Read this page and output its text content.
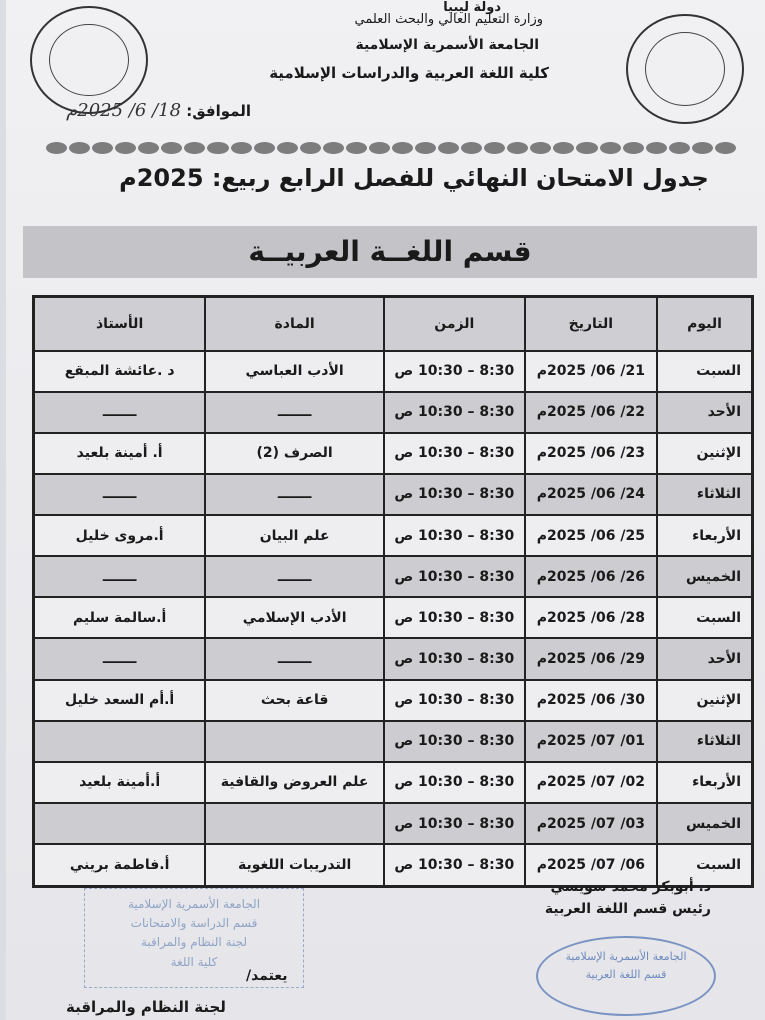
دولة ليبيا
وزارة التعليم العالي والبحث العلمي
الجامعة الأسمرية الإسلامية
كلية اللغة العربية والدراسات الإسلامية
الموافق: 18/ 6/ 2025م
جدول الامتحان النهائي للفصل الرابع ربيع: 2025م
قسم اللغــة العربيــة
اليوم	التاريخ	الزمن	المادة	الأستاذ
السبت	21/ 06/ 2025م	8:30 – 10:30 ص	الأدب العباسي	د .عائشة المبقع
الأحد	22/ 06/ 2025م	8:30 – 10:30 ص	ـــــــ	ـــــــ
الإثنين	23/ 06/ 2025م	8:30 – 10:30 ص	الصرف (2)	أ. أمينة بلعيد
الثلاثاء	24/ 06/ 2025م	8:30 – 10:30 ص	ـــــــ	ـــــــ
الأربعاء	25/ 06/ 2025م	8:30 – 10:30 ص	علم البيان	أ.مروى خليل
الخميس	26/ 06/ 2025م	8:30 – 10:30 ص	ـــــــ	ـــــــ
السبت	28/ 06/ 2025م	8:30 – 10:30 ص	الأدب الإسلامي	أ.سالمة سليم
الأحد	29/ 06/ 2025م	8:30 – 10:30 ص	ـــــــ	ـــــــ
الإثنين	30/ 06/ 2025م	8:30 – 10:30 ص	قاعة بحث	أ.أم السعد خليل
الثلاثاء	01/ 07/ 2025م	8:30 – 10:30 ص		
الأربعاء	02/ 07/ 2025م	8:30 – 10:30 ص	علم العروض والقافية	أ.أمينة بلعيد
الخميس	03/ 07/ 2025م	8:30 – 10:30 ص		
السبت	06/ 07/ 2025م	8:30 – 10:30 ص	التدريبات اللغوية	أ.فاطمة بريني
د. أبوبكر محمد سويسي
رئيس قسم اللغة العربية
الجامعة الأسمرية الإسلامية
قسم الدراسة والامتحانات
لجنة النظام والمراقبة
كلية اللغة	الجامعة الأسمرية الإسلامية
قسم اللغة العربية
يعتمد/
لجنة النظام والمراقبة
